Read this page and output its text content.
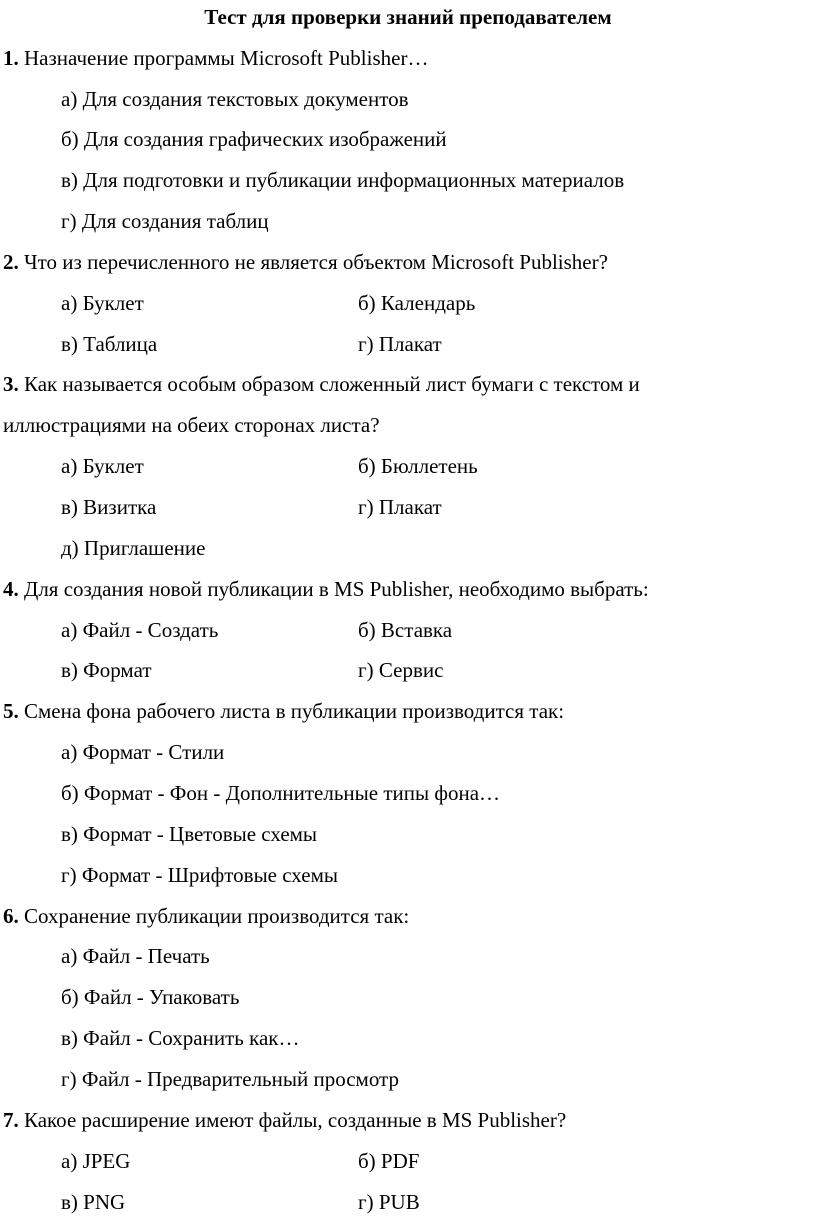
Тест для проверки знаний преподавателем
1. Назначение программы Microsoft Publisher…
а) Для создания текстовых документов
б) Для создания графических изображений
в) Для подготовки и публикации информационных материалов
г) Для создания таблиц
2. Что из перечисленного не является объектом Microsoft Publisher?
а) Буклет	б) Календарь
в) Таблица	г) Плакат
3. Как называется особым образом сложенный лист бумаги с текстом и
иллюстрациями на обеих сторонах листа?
а) Буклет	б) Бюллетень
в) Визитка	г) Плакат
д) Приглашение
4. Для создания новой публикации в MS Publisher, необходимо выбрать:
а) Файл - Создать	б) Вставка
в) Формат	г) Сервис
5. Смена фона рабочего листа в публикации производится так:
а) Формат - Стили
б) Формат - Фон - Дополнительные типы фона…
в) Формат - Цветовые схемы
г) Формат - Шрифтовые схемы
6. Сохранение публикации производится так:
а) Файл - Печать
б) Файл - Упаковать
в) Файл - Сохранить как…
г) Файл - Предварительный просмотр
7. Какое расширение имеют файлы, созданные в MS Publisher?
а) JPEG	б) PDF
в) PNG	г) PUB
